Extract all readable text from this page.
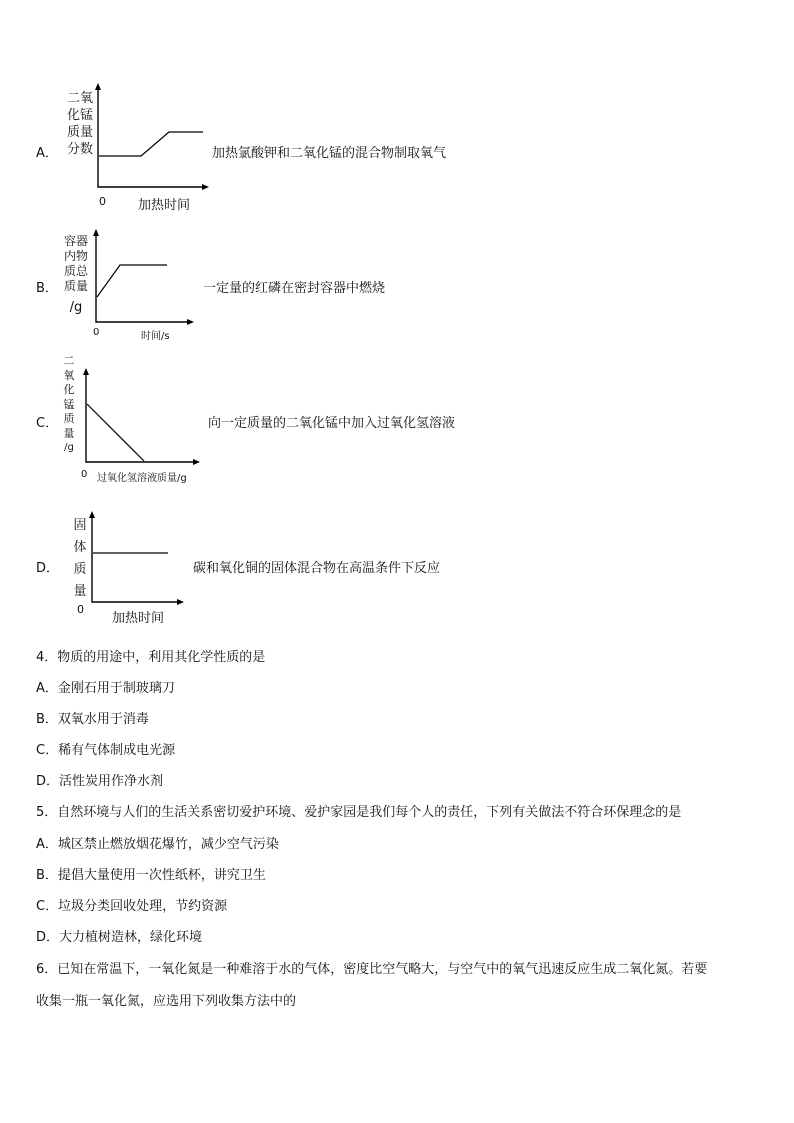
A．
二氧
化锰
质量
分数
0 加热时间
加热氯酸钾和二氧化锰的混合物制取氧气
B．
容器
内物
质总
质量
/g
0	时间/s
一定量的红磷在密封容器中燃烧
C．
二
氧
化
锰
质
量
/g
0 过氧化氢溶液质量/g
向一定质量的二氧化锰中加入过氧化氢溶液
D．
固
体
质
量
0
加热时间
碳和氧化铜的固体混合物在高温条件下反应
4．物质的用途中，利用其化学性质的是
A．金刚石用于制玻璃刀
B．双氧水用于消毒
C．稀有气体制成电光源
D．活性炭用作净水剂
5．自然环境与人们的生活关系密切爱护环境、爱护家园是我们每个人的责任，下列有关做法不符合环保理念的是
A．城区禁止燃放烟花爆竹，减少空气污染
B．提倡大量使用一次性纸杯，讲究卫生
C．垃圾分类回收处理，节约资源
D．大力植树造林，绿化环境
6．已知在常温下，一氧化氮是一种难溶于水的气体，密度比空气略大，与空气中的氧气迅速反应生成二氧化氮。若要
收集一瓶一氧化氮，应选用下列收集方法中的
